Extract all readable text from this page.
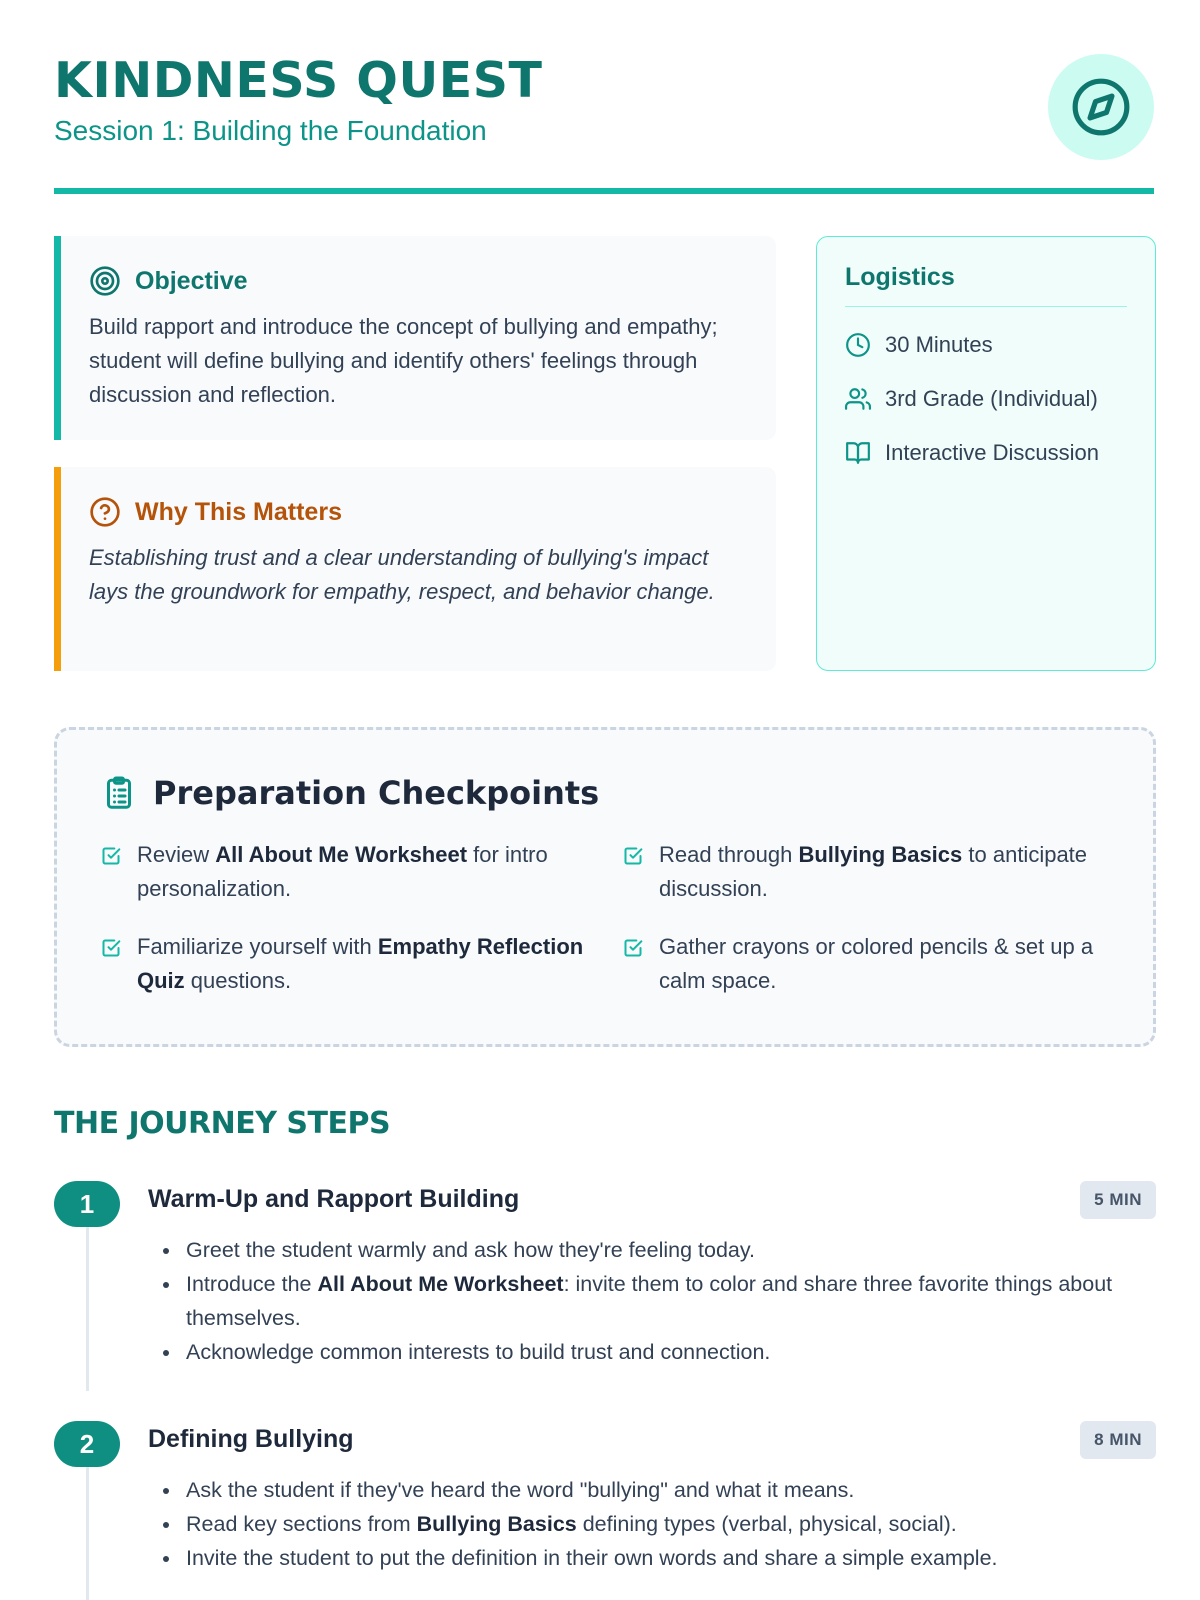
KINDNESS QUEST
Session 1: Building the Foundation
Objective
Build rapport and introduce the concept of bullying and empathy; student will define bullying and identify others' feelings through discussion and reflection.
Why This Matters
Establishing trust and a clear understanding of bullying's impact lays the groundwork for empathy, respect, and behavior change.
Logistics
30 Minutes
3rd Grade (Individual)
Interactive Discussion
Preparation Checkpoints
Review All About Me Worksheet for intro personalization.
Read through Bullying Basics to anticipate discussion.
Familiarize yourself with Empathy Reflection Quiz questions.
Gather crayons or colored pencils & set up a calm space.
THE JOURNEY STEPS
1	Warm-Up and Rapport Building	5 MIN
• Greet the student warmly and ask how they're feeling today.
• Introduce the All About Me Worksheet: invite them to color and share three favorite things about themselves.
• Acknowledge common interests to build trust and connection.
2	Defining Bullying	8 MIN
• Ask the student if they've heard the word "bullying" and what it means.
• Read key sections from Bullying Basics defining types (verbal, physical, social).
• Invite the student to put the definition in their own words and share a simple example.
